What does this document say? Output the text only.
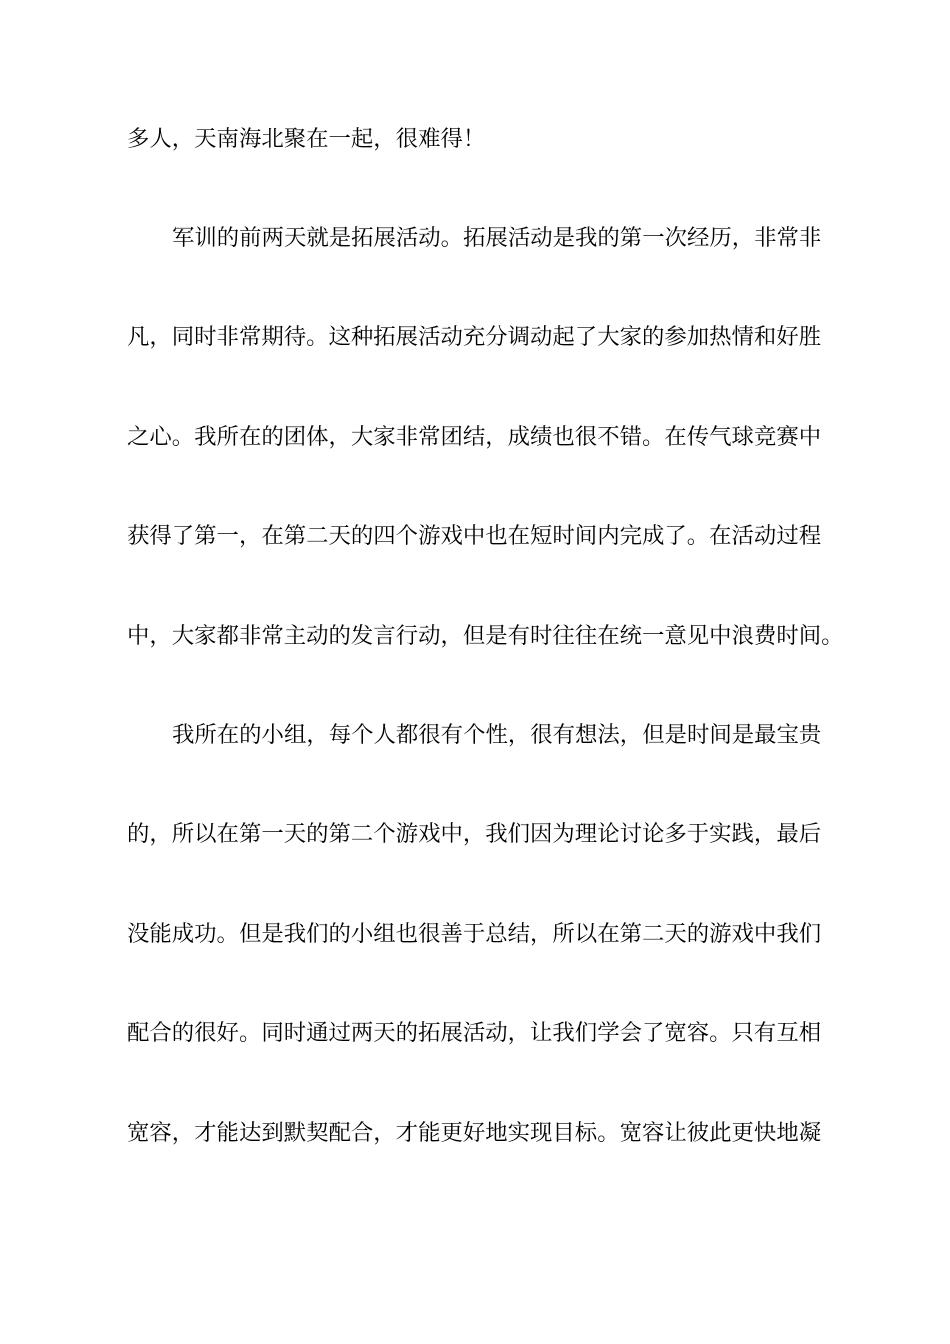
多人，天南海北聚在一起，很难得！
军训的前两天就是拓展活动。拓展活动是我的第一次经历，非常非
凡，同时非常期待。这种拓展活动充分调动起了大家的参加热情和好胜
之心。我所在的团体，大家非常团结，成绩也很不错。在传气球竞赛中
获得了第一，在第二天的四个游戏中也在短时间内完成了。在活动过程
中，大家都非常主动的发言行动，但是有时往往在统一意见中浪费时间。
我所在的小组，每个人都很有个性，很有想法，但是时间是最宝贵
的，所以在第一天的第二个游戏中，我们因为理论讨论多于实践，最后
没能成功。但是我们的小组也很善于总结，所以在第二天的游戏中我们
配合的很好。同时通过两天的拓展活动，让我们学会了宽容。只有互相
宽容，才能达到默契配合，才能更好地实现目标。宽容让彼此更快地凝
